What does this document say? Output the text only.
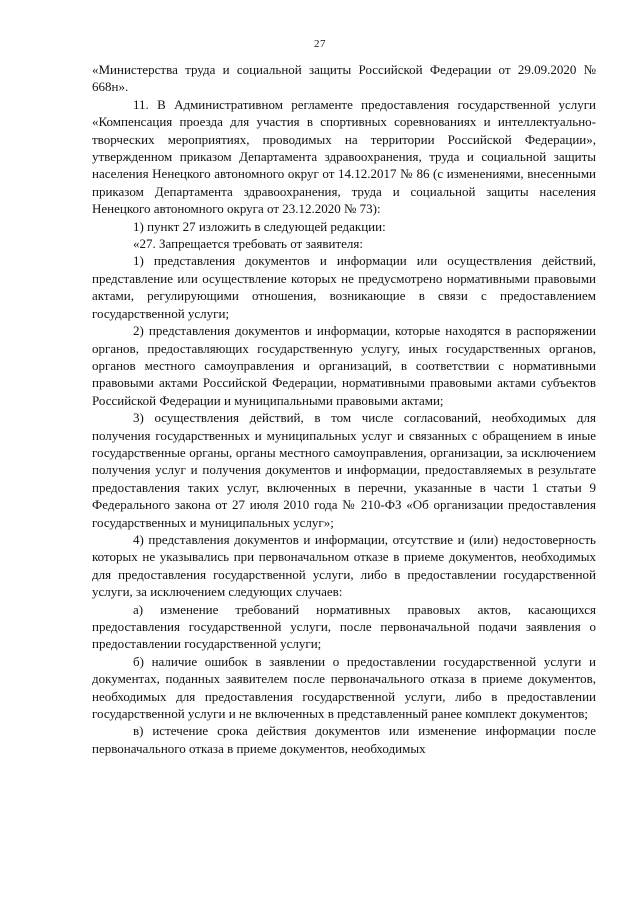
27

«Министерства труда и социальной защиты Российской Федерации от 29.09.2020 № 668н».

11. В Административном регламенте предоставления государственной услуги «Компенсация проезда для участия в спортивных соревнованиях и интеллектуально-творческих мероприятиях, проводимых на территории Российской Федерации», утвержденном приказом Департамента здравоохранения, труда и социальной защиты населения Ненецкого автономного округ от 14.12.2017 № 86 (с изменениями, внесенными приказом Департамента здравоохранения, труда и социальной защиты населения Ненецкого автономного округа от 23.12.2020 № 73):

1) пункт 27 изложить в следующей редакции:

«27. Запрещается требовать от заявителя:

1) представления документов и информации или осуществления действий, представление или осуществление которых не предусмотрено нормативными правовыми актами, регулирующими отношения, возникающие в связи с предоставлением государственной услуги;

2) представления документов и информации, которые находятся в распоряжении органов, предоставляющих государственную услугу, иных государственных органов, органов местного самоуправления и организаций, в соответствии с нормативными правовыми актами Российской Федерации, нормативными правовыми актами субъектов Российской Федерации и муниципальными правовыми актами;

3) осуществления действий, в том числе согласований, необходимых для получения государственных и муниципальных услуг и связанных с обращением в иные государственные органы, органы местного самоуправления, организации, за исключением получения услуг и получения документов и информации, предоставляемых в результате предоставления таких услуг, включенных в перечни, указанные в части 1 статьи 9 Федерального закона от 27 июля 2010 года № 210-ФЗ «Об организации предоставления государственных и муниципальных услуг»;

4) представления документов и информации, отсутствие и (или) недостоверность которых не указывались при первоначальном отказе в приеме документов, необходимых для предоставления государственной услуги, либо в предоставлении государственной услуги, за исключением следующих случаев:

а) изменение требований нормативных правовых актов, касающихся предоставления государственной услуги, после первоначальной подачи заявления о предоставлении государственной услуги;

б) наличие ошибок в заявлении о предоставлении государственной услуги и документах, поданных заявителем после первоначального отказа в приеме документов, необходимых для предоставления государственной услуги, либо в предоставлении государственной услуги и не включенных в представленный ранее комплект документов;

в) истечение срока действия документов или изменение информации после первоначального отказа в приеме документов, необходимых
